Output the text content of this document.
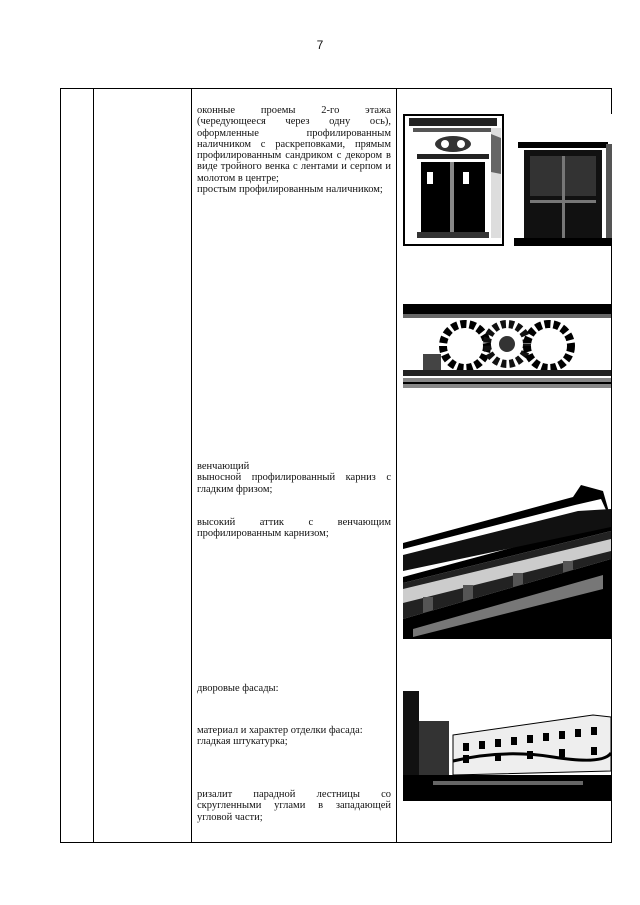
7

оконные проемы 2-го этажа (чередующееся через одну ось), оформленные профилированным наличником с раскреповками, прямым профилированным сандриком с декором в виде тройного венка с лентами и серпом и молотом в центре;

простым профилированным наличником;

венчающий

выносной профилированный карниз с гладким фризом;

высокий аттик с венчающим профилированным карнизом;

дворовые фасады:

материал и характер отделки фасада:

гладкая штукатурка;

ризалит парадной лестницы со скругленными углами в западающей угловой части;
